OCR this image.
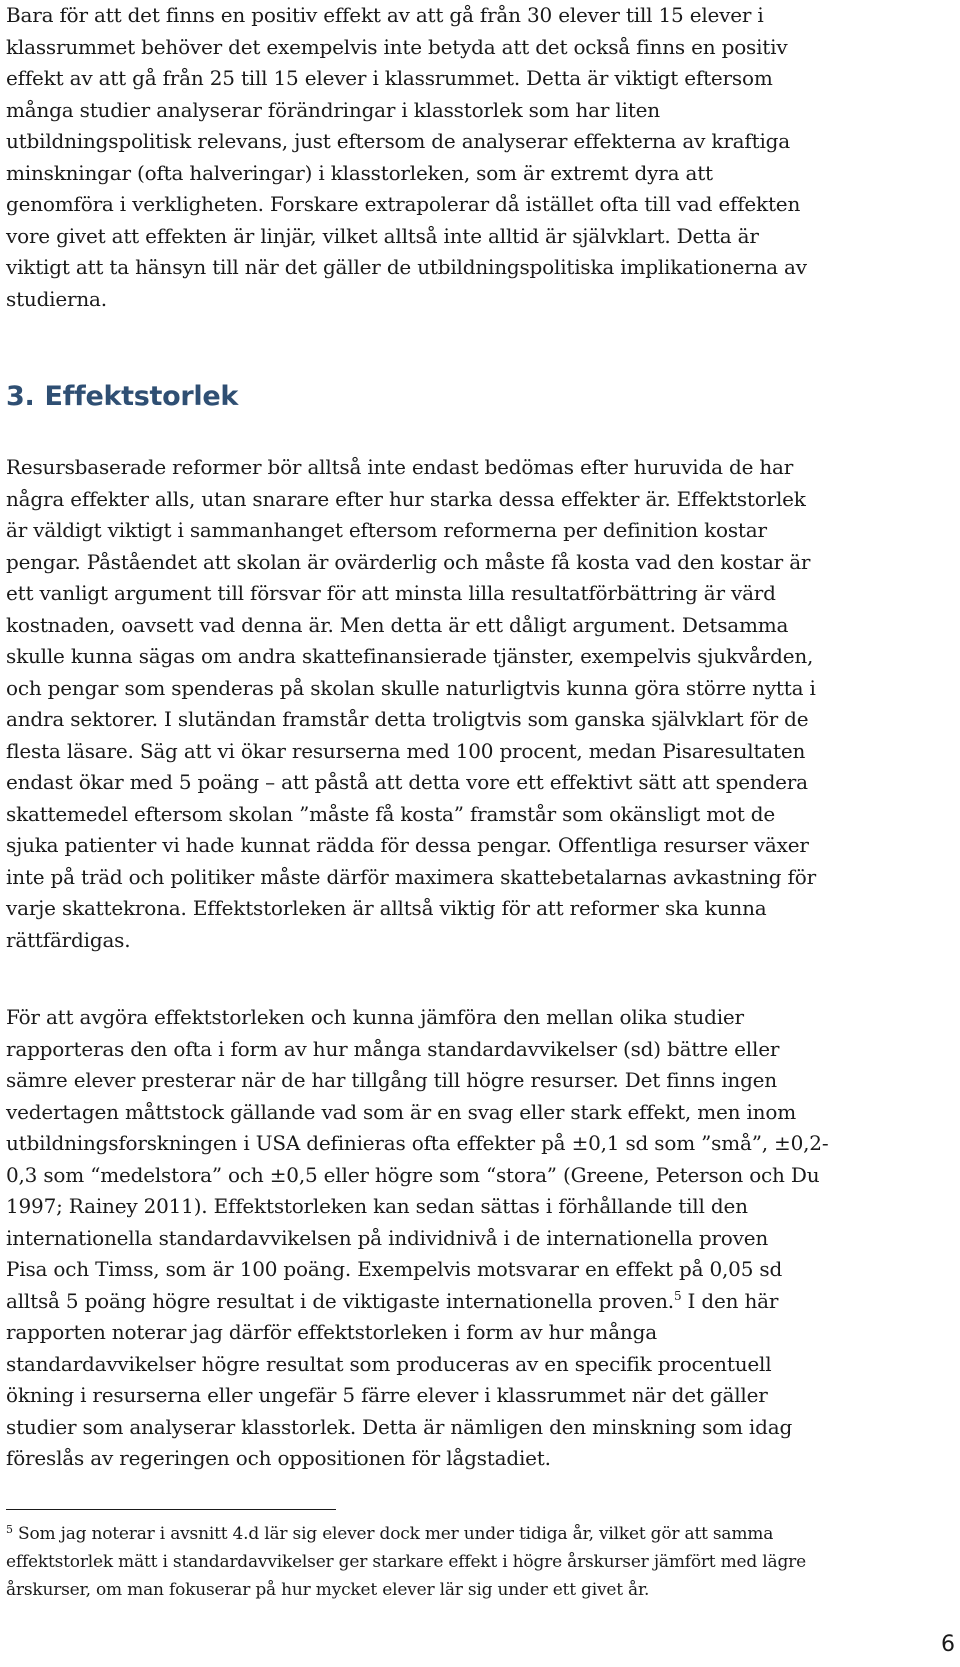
Bara för att det finns en positiv effekt av att gå från 30 elever till 15 elever i
klassrummet behöver det exempelvis inte betyda att det också finns en positiv
effekt av att gå från 25 till 15 elever i klassrummet. Detta är viktigt eftersom
många studier analyserar förändringar i klasstorlek som har liten
utbildningspolitisk relevans, just eftersom de analyserar effekterna av kraftiga
minskningar (ofta halveringar) i klasstorleken, som är extremt dyra att
genomföra i verkligheten. Forskare extrapolerar då istället ofta till vad effekten
vore givet att effekten är linjär, vilket alltså inte alltid är självklart. Detta är
viktigt att ta hänsyn till när det gäller de utbildningspolitiska implikationerna av
studierna.

3. Effektstorlek

Resursbaserade reformer bör alltså inte endast bedömas efter huruvida de har
några effekter alls, utan snarare efter hur starka dessa effekter är. Effektstorlek
är väldigt viktigt i sammanhanget eftersom reformerna per definition kostar
pengar. Påståendet att skolan är ovärderlig och måste få kosta vad den kostar är
ett vanligt argument till försvar för att minsta lilla resultatförbättring är värd
kostnaden, oavsett vad denna är. Men detta är ett dåligt argument. Detsamma
skulle kunna sägas om andra skattefinansierade tjänster, exempelvis sjukvården,
och pengar som spenderas på skolan skulle naturligtvis kunna göra större nytta i
andra sektorer. I slutändan framstår detta troligtvis som ganska självklart för de
flesta läsare. Säg att vi ökar resurserna med 100 procent, medan Pisaresultaten
endast ökar med 5 poäng – att påstå att detta vore ett effektivt sätt att spendera
skattemedel eftersom skolan ”måste få kosta” framstår som okänsligt mot de
sjuka patienter vi hade kunnat rädda för dessa pengar. Offentliga resurser växer
inte på träd och politiker måste därför maximera skattebetalarnas avkastning för
varje skattekrona. Effektstorleken är alltså viktig för att reformer ska kunna
rättfärdigas.

För att avgöra effektstorleken och kunna jämföra den mellan olika studier
rapporteras den ofta i form av hur många standardavvikelser (sd) bättre eller
sämre elever presterar när de har tillgång till högre resurser. Det finns ingen
vedertagen måttstock gällande vad som är en svag eller stark effekt, men inom
utbildningsforskningen i USA definieras ofta effekter på ±0,1 sd som ”små”, ±0,2-
0,3 som “medelstora” och ±0,5 eller högre som “stora” (Greene, Peterson och Du
1997; Rainey 2011). Effektstorleken kan sedan sättas i förhållande till den
internationella standardavvikelsen på individnivå i de internationella proven
Pisa och Timss, som är 100 poäng. Exempelvis motsvarar en effekt på 0,05 sd
alltså 5 poäng högre resultat i de viktigaste internationella proven.$^5$ I den här
rapporten noterar jag därför effektstorleken i form av hur många
standardavvikelser högre resultat som produceras av en specifik procentuell
ökning i resurserna eller ungefär 5 färre elever i klassrummet när det gäller
studier som analyserar klasstorlek. Detta är nämligen den minskning som idag
föreslås av regeringen och oppositionen för lågstadiet.

$^5$ Som jag noterar i avsnitt 4.d lär sig elever dock mer under tidiga år, vilket gör att samma
effektstorlek mätt i standardavvikelser ger starkare effekt i högre årskurser jämfört med lägre
årskurser, om man fokuserar på hur mycket elever lär sig under ett givet år.

6
